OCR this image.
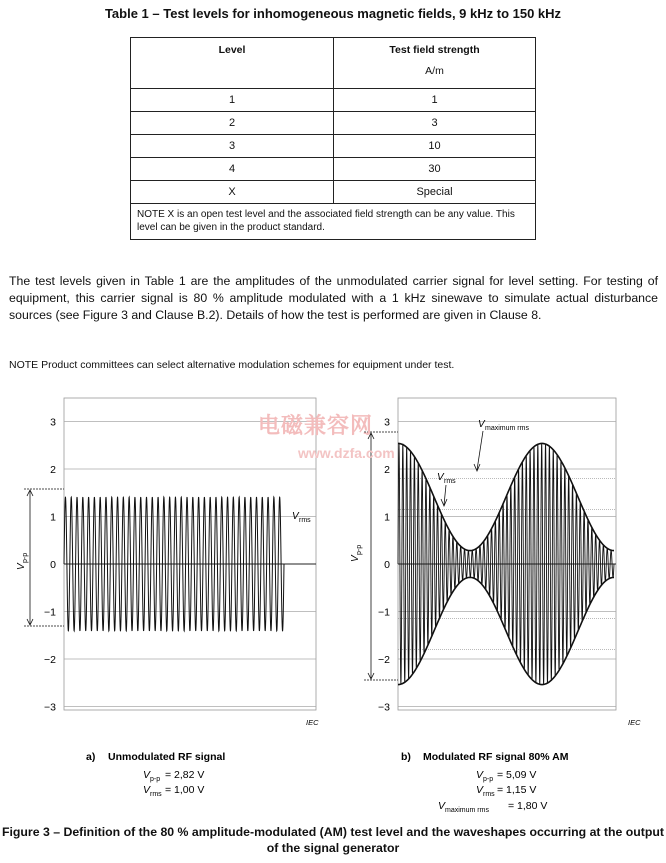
Table 1 – Test levels for inhomogeneous magnetic fields, 9 kHz to 150 kHz
Level	Test field strength
A/m

1	1
2	3
3	10
4	30
X	Special
NOTE X is an open test level and the associated field strength can be any value. This level can be given in the product standard.	
The test levels given in Table 1 are the amplitudes of the unmodulated carrier signal for level setting. For testing of equipment, this carrier signal is 80 % amplitude modulated with a 1 kHz sinewave to simulate actual disturbance sources (see Figure 3 and Clause B.2). Details of how the test is performed are given in Clause 8.
NOTE Product committees can select alternative modulation schemes for equipment under test.
3
2
1
0
−1
−2
−3
V
p-p
V rms
IEC
3
2
1
0
−1
−2
−3
V
p-p
V maximum rms
V rms
IEC
a) Unmodulated RF signal
V p-p = 2,82 V
V rms = 1,00 V
b) Modulated RF signal 80% AM
V p-p = 5,09 V
V rms = 1,15 V
V maximum rms = 1,80 V
电磁兼容网
www.dzfa.com
Figure 3 – Definition of the 80 % amplitude-modulated (AM) test level and the waveshapes occurring at the output of the signal generator
